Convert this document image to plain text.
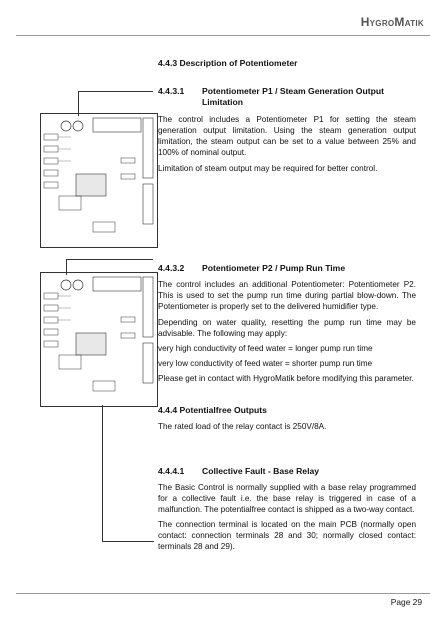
HygroMatik

4.4.3 Description of Potentiometer

4.4.3.1	Potentiometer P1 / Steam Generation Output Limitation

The control includes a Potentiometer P1 for setting the steam generation output limitation. Using the steam generation output limitation, the steam output can be set to a value between 25% and 100% of nominal output.

Limitation of steam output may be required for better control.

4.4.3.2	Potentiometer P2 / Pump Run Time

The control includes an additional Potentiometer: Potentiometer P2. This is used to set the pump run time during partial blow-down. The Potentiometer is properly set to the delivered humidifier type.

Depending on water quality, resetting the pump run time may be advisable. The following may apply:

very high conductivity of feed water = longer pump run time

very low conductivity of feed water = shorter pump run time

Please get in contact with HygroMatik before modifying this parameter.

4.4.4 Potentialfree Outputs

The rated load of the relay contact is 250V/8A.

4.4.4.1	Collective Fault - Base Relay

The Basic Control is normally supplied with a base relay programmed for a collective fault i.e. the base relay is triggered in case of a malfunction. The potentialfree contact is shipped as a two-way contact.

The connection terminal is located on the main PCB (normally open contact: connection terminals 28 and 30; normally closed contact: terminals 28 and 29).

Page 29
